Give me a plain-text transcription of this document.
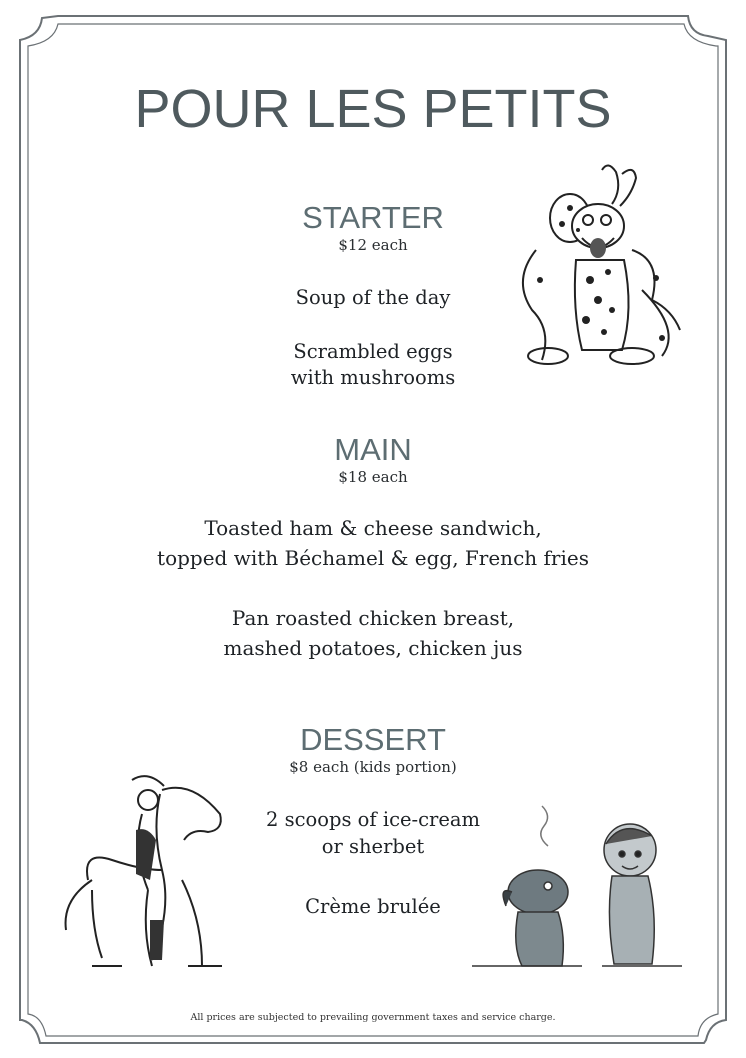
POUR LES PETITS
STARTER
$12 each
Soup of the day
Scrambled eggs
with mushrooms
MAIN
$18 each
Toasted ham & cheese sandwich,
topped with Béchamel & egg, French fries
Pan roasted chicken breast,
mashed potatoes, chicken jus
DESSERT
$8 each (kids portion)
2 scoops of ice-cream
or sherbet
Crème brulée
All prices are subjected to prevailing government taxes and service charge.
